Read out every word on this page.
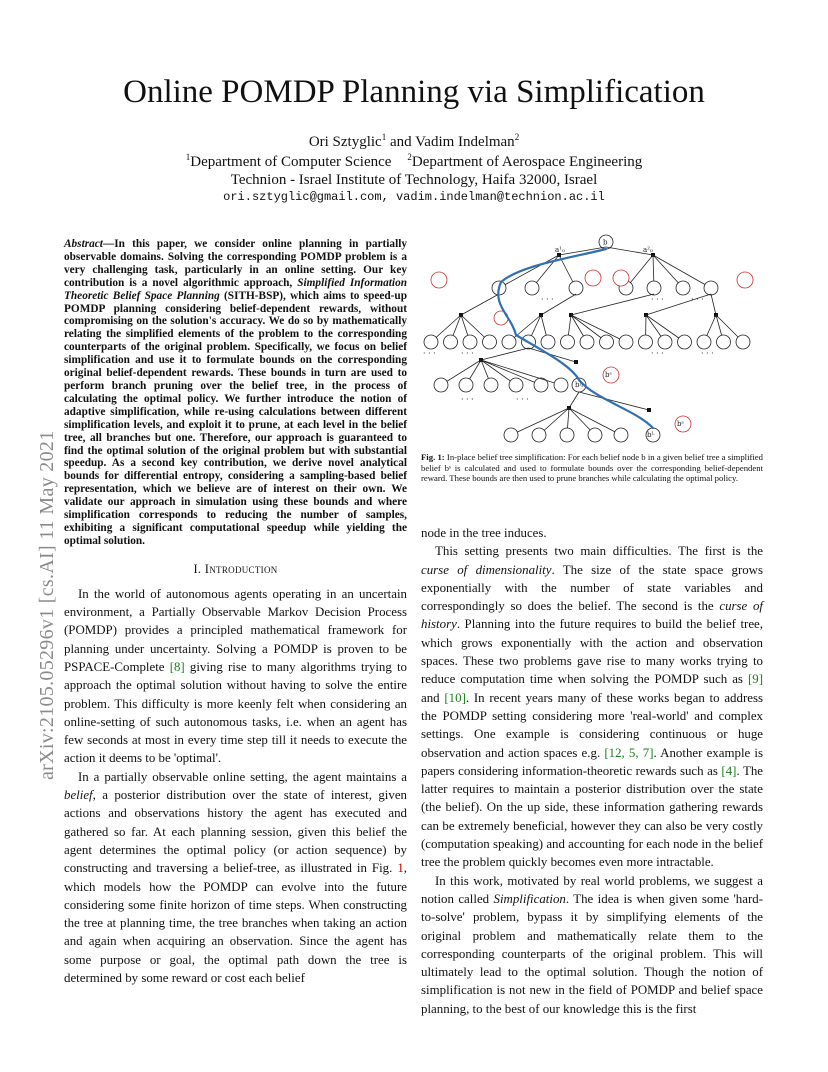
arXiv:2105.05296v1 [cs.AI] 11 May 2021
Online POMDP Planning via Simplification
Ori Sztyglic$^1$ and Vadim Indelman$^2$
$^1$Department of Computer Science $^2$Department of Aerospace Engineering
Technion - Israel Institute of Technology, Haifa 32000, Israel
ori.sztyglic@gmail.com, vadim.indelman@technion.ac.il
Abstract—In this paper, we consider online planning in partially observable domains. Solving the corresponding POMDP problem is a very challenging task, particularly in an online setting. Our key contribution is a novel algorithmic approach, Simplified Information Theoretic Belief Space Planning (SITH-BSP), which aims to speed-up POMDP planning considering belief-dependent rewards, without compromising on the solution's accuracy. We do so by mathematically relating the simplified elements of the problem to the corresponding counterparts of the original problem. Specifically, we focus on belief simplification and use it to formulate bounds on the corresponding original belief-dependent rewards. These bounds in turn are used to perform branch pruning over the belief tree, in the process of calculating the optimal policy. We further introduce the notion of adaptive simplification, while re-using calculations between different simplification levels, and exploit it to prune, at each level in the belief tree, all branches but one. Therefore, our approach is guaranteed to find the optimal solution of the original problem but with substantial speedup. As a second key contribution, we derive novel analytical bounds for differential entropy, considering a sampling-based belief representation, which we believe are of interest on their own. We validate our approach in simulation using these bounds and where simplification corresponds to reducing the number of samples, exhibiting a significant computational speedup while yielding the optimal solution.
I. Introduction

In the world of autonomous agents operating in an uncertain environment, a Partially Observable Markov Decision Process (POMDP) provides a principled mathematical framework for planning under uncertainty. Solving a POMDP is proven to be PSPACE-Complete [8] giving rise to many algorithms trying to approach the optimal solution without having to solve the entire problem. This difficulty is more keenly felt when considering an online-setting of such autonomous tasks, i.e. when an agent has few seconds at most in every time step till it needs to execute the action it deems to be 'optimal'.

In a partially observable online setting, the agent maintains a belief, a posterior distribution over the state of interest, given actions and observations history the agent has executed and gathered so far. At each planning session, given this belief the agent determines the optimal policy (or action sequence) by constructing and traversing a belief-tree, as illustrated in Fig. 1, which models how the POMDP can evolve into the future considering some finite horizon of time steps. When constructing the tree at planning time, the tree branches when taking an action and again when acquiring an observation. Since the agent has some purpose or goal, the optimal path down the tree is determined by some reward or cost each belief

b
a¹₀	a²₀
· · ·	· · ·	· · ·
· · ·	· · ·	· · ·	· · ·
bʲᵢ
bˢ
· · ·	· · ·
bᴸ
bˢ
Fig. 1: In-place belief tree simplification: For each belief node b in a given belief tree a simplified belief bˢ is calculated and used to formulate bounds over the corresponding belief-dependent reward. These bounds are then used to prune branches while calculating the optimal policy.

node in the tree induces.

This setting presents two main difficulties. The first is the curse of dimensionality. The size of the state space grows exponentially with the number of state variables and correspondingly so does the belief. The second is the curse of history. Planning into the future requires to build the belief tree, which grows exponentially with the action and observation spaces. These two problems gave rise to many works trying to reduce computation time when solving the POMDP such as [9] and [10]. In recent years many of these works began to address the POMDP setting considering more 'real-world' and complex settings. One example is considering continuous or huge observation and action spaces e.g. [12, 5, 7]. Another example is papers considering information-theoretic rewards such as [4]. The latter requires to maintain a posterior distribution over the state (the belief). On the up side, these information gathering rewards can be extremely beneficial, however they can also be very costly (computation speaking) and accounting for each node in the belief tree the problem quickly becomes even more intractable.

In this work, motivated by real world problems, we suggest a notion called Simplification. The idea is when given some 'hard-to-solve' problem, bypass it by simplifying elements of the original problem and mathematically relate them to the corresponding counterparts of the original problem. This will ultimately lead to the optimal solution. Though the notion of simplification is not new in the field of POMDP and belief space planning, to the best of our knowledge this is the first
